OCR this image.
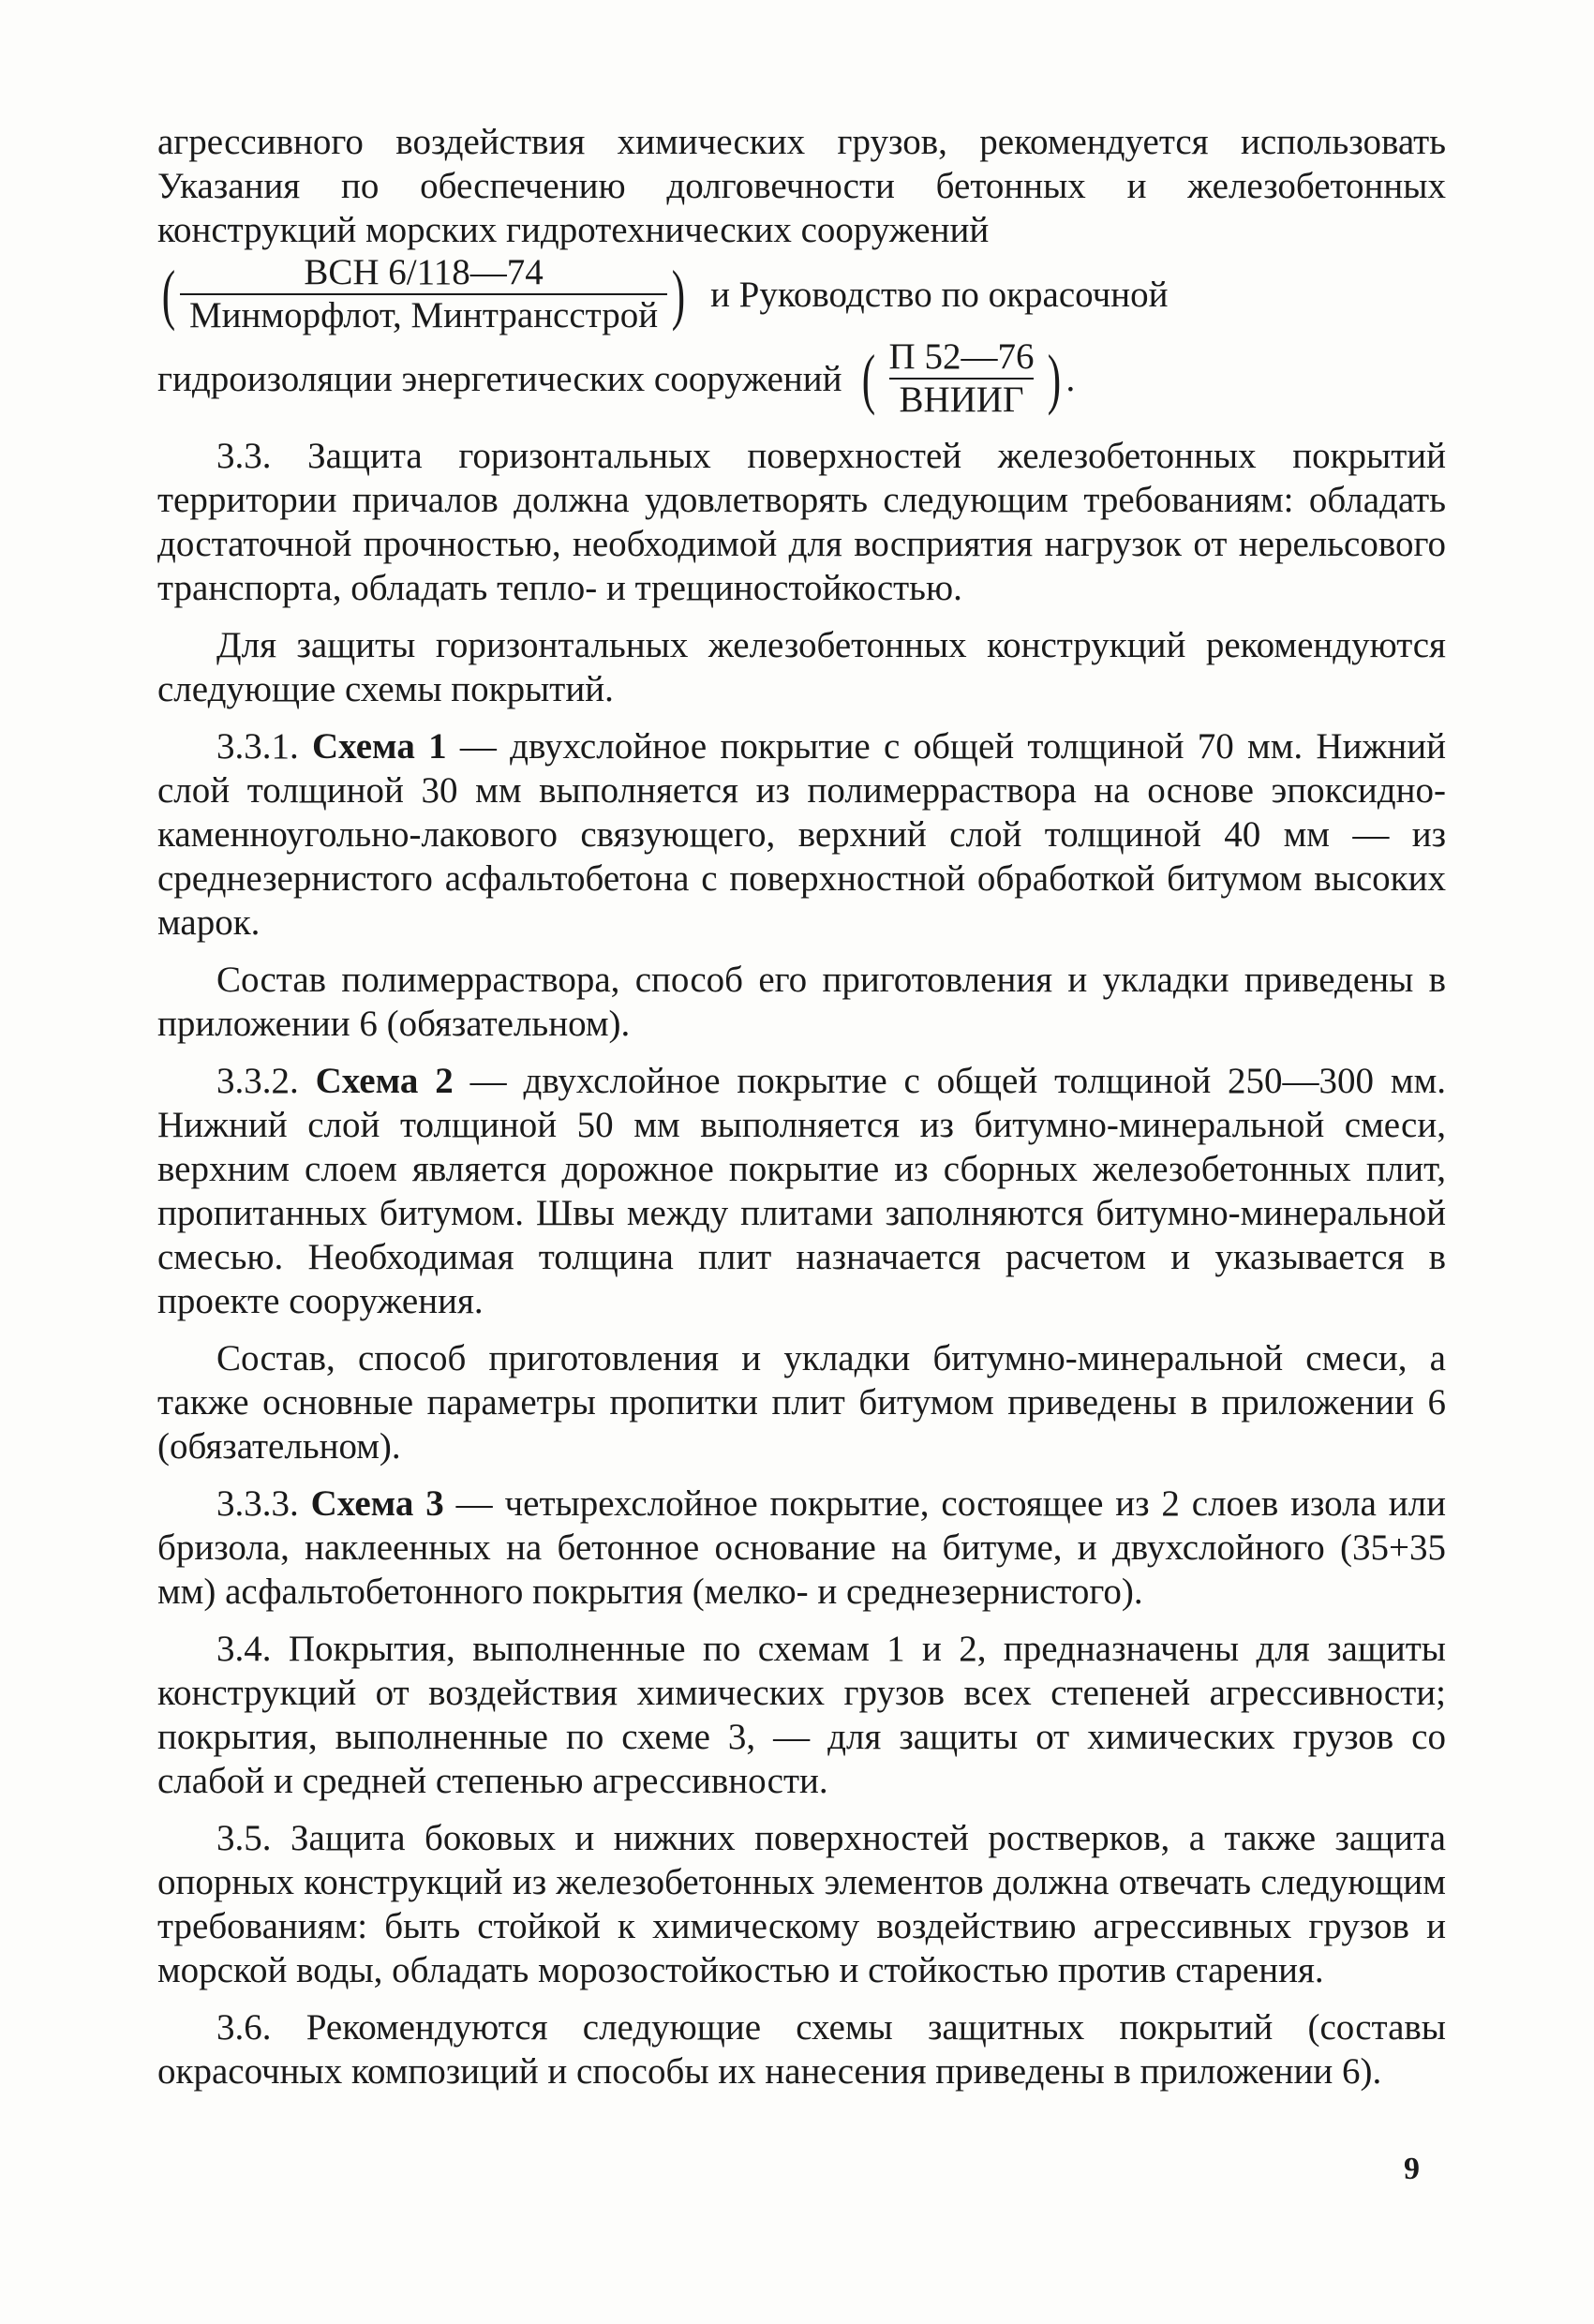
агрессивного воздействия химических грузов, рекомендуется использовать Указания по обеспечению долговечности бетонных и железобетонных конструкций морских гидротехнических сооружений

( $\frac{\text{ВСН 6/118—74}}{\text{Минморфлот, Минтрансстрой}}$ ) и Руководство по окрасочной
гидроизоляции энергетических сооружений ( $\frac{П 52—76}{\text{ВНИИГ}}$ ) .

3.3. Защита горизонтальных поверхностей железобетонных покрытий территории причалов должна удовлетворять следующим требованиям: обладать достаточной прочностью, необходимой для восприятия нагрузок от нерельсового транспорта, обладать тепло- и трещиностойкостью.

Для защиты горизонтальных железобетонных конструкций рекомендуются следующие схемы покрытий.

3.3.1. Схема 1 — двухслойное покрытие с общей толщиной 70 мм. Нижний слой толщиной 30 мм выполняется из полимерраствора на основе эпоксидно-каменноугольно-лакового связующего, верхний слой толщиной 40 мм — из среднезернистого асфальтобетона с поверхностной обработкой битумом высоких марок.

Состав полимерраствора, способ его приготовления и укладки приведены в приложении 6 (обязательном).

3.3.2. Схема 2 — двухслойное покрытие с общей толщиной 250—300 мм. Нижний слой толщиной 50 мм выполняется из битумно-минеральной смеси, верхним слоем является дорожное покрытие из сборных железобетонных плит, пропитанных битумом. Швы между плитами заполняются битумно-минеральной смесью. Необходимая толщина плит назначается расчетом и указывается в проекте сооружения.

Состав, способ приготовления и укладки битумно-минеральной смеси, а также основные параметры пропитки плит битумом приведены в приложении 6 (обязательном).

3.3.3. Схема 3 — четырехслойное покрытие, состоящее из 2 слоев изола или бризола, наклеенных на бетонное основание на битуме, и двухслойного (35+35 мм) асфальтобетонного покрытия (мелко- и среднезернистого).

3.4. Покрытия, выполненные по схемам 1 и 2, предназначены для защиты конструкций от воздействия химических грузов всех степеней агрессивности; покрытия, выполненные по схеме 3, — для защиты от химических грузов со слабой и средней степенью агрессивности.

3.5. Защита боковых и нижних поверхностей ростверков, а также защита опорных конструкций из железобетонных элементов должна отвечать следующим требованиям: быть стойкой к химическому воздействию агрессивных грузов и морской воды, обладать морозостойкостью и стойкостью против старения.

3.6. Рекомендуются следующие схемы защитных покрытий (составы окрасочных композиций и способы их нанесения приведены в приложении 6).

9
